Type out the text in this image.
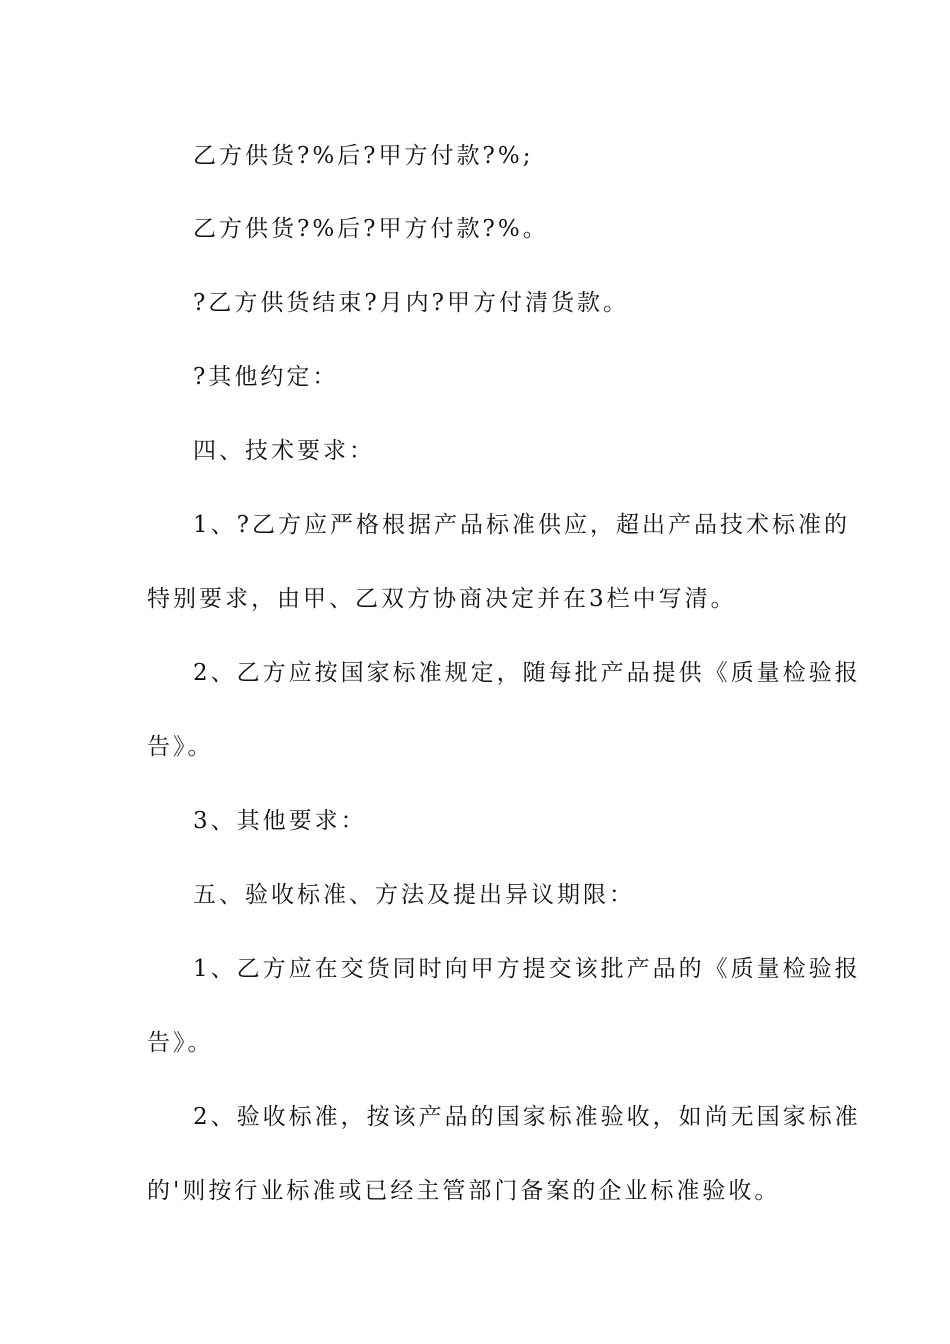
乙方供货?%后?甲方付款?%;
乙方供货?%后?甲方付款?%。
?乙方供货结束?月内?甲方付清货款。
?其他约定：
四、技术要求：
1、?乙方应严格根据产品标准供应，超出产品技术标准的
特别要求，由甲、乙双方协商决定并在3栏中写清。
2、乙方应按国家标准规定，随每批产品提供《质量检验报
告》。
3、其他要求：
五、验收标准、方法及提出异议期限：
1、乙方应在交货同时向甲方提交该批产品的《质量检验报
告》。
2、验收标准，按该产品的国家标准验收，如尚无国家标准
的'则按行业标准或已经主管部门备案的企业标准验收。
